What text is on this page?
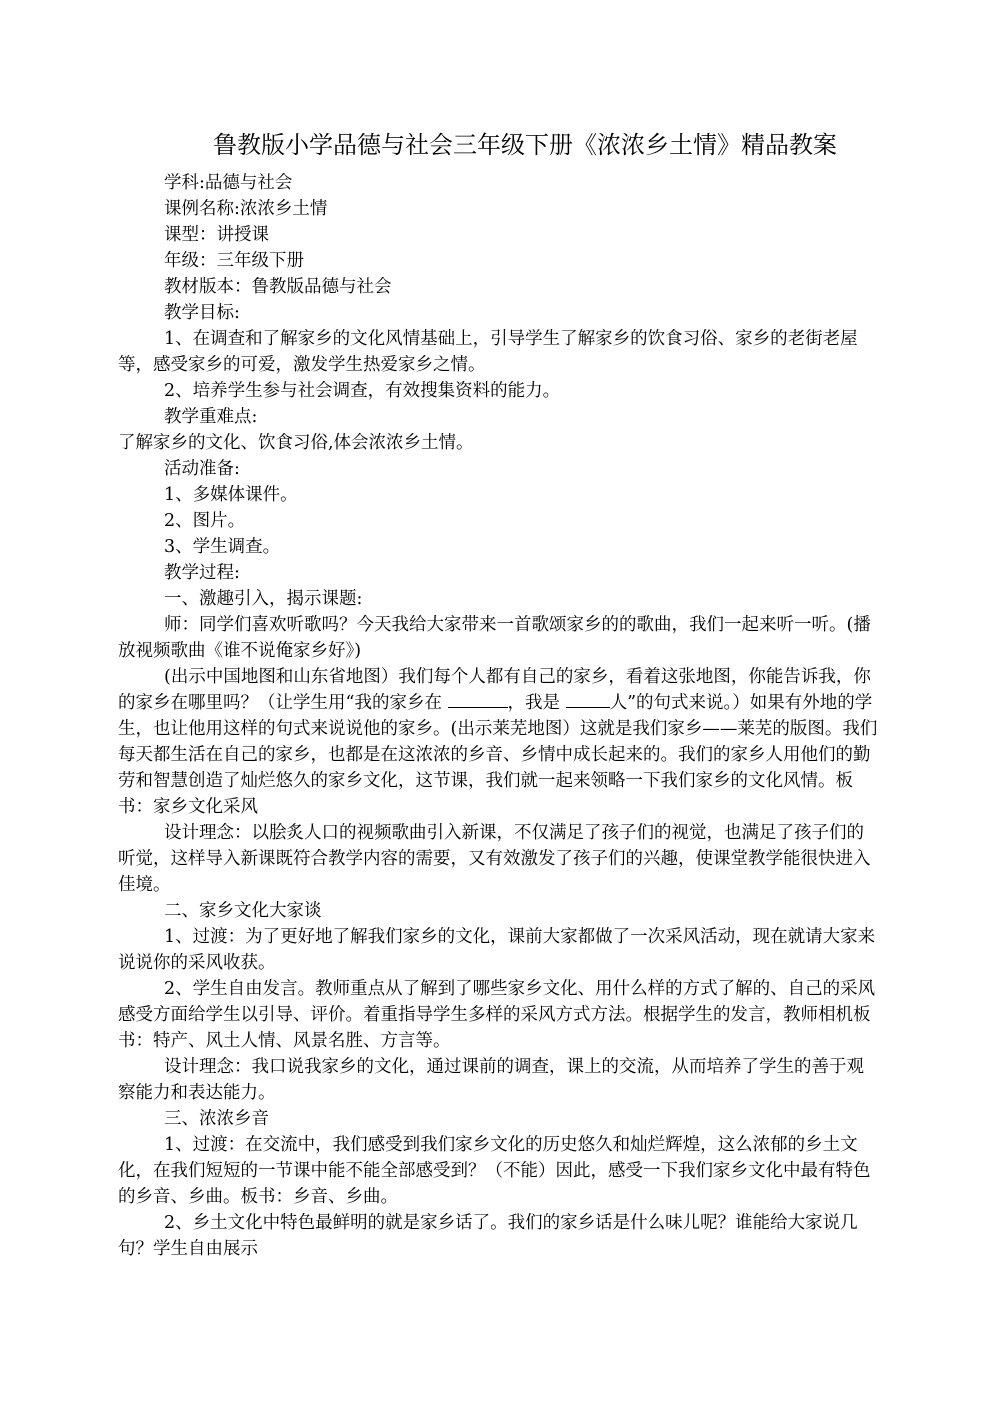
鲁教版小学品德与社会三年级下册《浓浓乡土情》精品教案

学科:品德与社会

课例名称:浓浓乡土情

课型：讲授课

年级：三年级下册

教材版本：鲁教版品德与社会

教学目标:

1、在调查和了解家乡的文化风情基础上，引导学生了解家乡的饮食习俗、家乡的老街老屋等，感受家乡的可爱，激发学生热爱家乡之情。

2、培养学生参与社会调查，有效搜集资料的能力。

教学重难点:

了解家乡的文化、饮食习俗,体会浓浓乡土情。

活动准备:

1、多媒体课件。

2、图片。

3、学生调查。

教学过程:

一、激趣引入，揭示课题:

师：同学们喜欢听歌吗？今天我给大家带来一首歌颂家乡的的歌曲，我们一起来听一听。(播放视频歌曲《谁不说俺家乡好》)

(出示中国地图和山东省地图）我们每个人都有自己的家乡，看着这张地图，你能告诉我，你的家乡在哪里吗？（让学生用“我的家乡在	，我是	人”的句式来说。）如果有外地的学生，也让他用这样的句式来说说他的家乡。(出示莱芜地图）这就是我们家乡——莱芜的版图。我们每天都生活在自己的家乡，也都是在这浓浓的乡音、乡情中成长起来的。我们的家乡人用他们的勤劳和智慧创造了灿烂悠久的家乡文化，这节课，我们就一起来领略一下我们家乡的文化风情。板书：家乡文化采风

设计理念：以脍炙人口的视频歌曲引入新课，不仅满足了孩子们的视觉，也满足了孩子们的听觉，这样导入新课既符合教学内容的需要，又有效激发了孩子们的兴趣，使课堂教学能很快进入佳境。

二、家乡文化大家谈

1、过渡：为了更好地了解我们家乡的文化，课前大家都做了一次采风活动，现在就请大家来说说你的采风收获。

2、学生自由发言。教师重点从了解到了哪些家乡文化、用什么样的方式了解的、自己的采风感受方面给学生以引导、评价。着重指导学生多样的采风方式方法。根据学生的发言，教师相机板书：特产、风土人情、风景名胜、方言等。

设计理念：我口说我家乡的文化，通过课前的调查，课上的交流，从而培养了学生的善于观察能力和表达能力。

三、浓浓乡音

1、过渡：在交流中，我们感受到我们家乡文化的历史悠久和灿烂辉煌，这么浓郁的乡土文化，在我们短短的一节课中能不能全部感受到？（不能）因此，感受一下我们家乡文化中最有特色的乡音、乡曲。板书：乡音、乡曲。

2、乡土文化中特色最鲜明的就是家乡话了。我们的家乡话是什么味儿呢？谁能给大家说几句？学生自由展示
